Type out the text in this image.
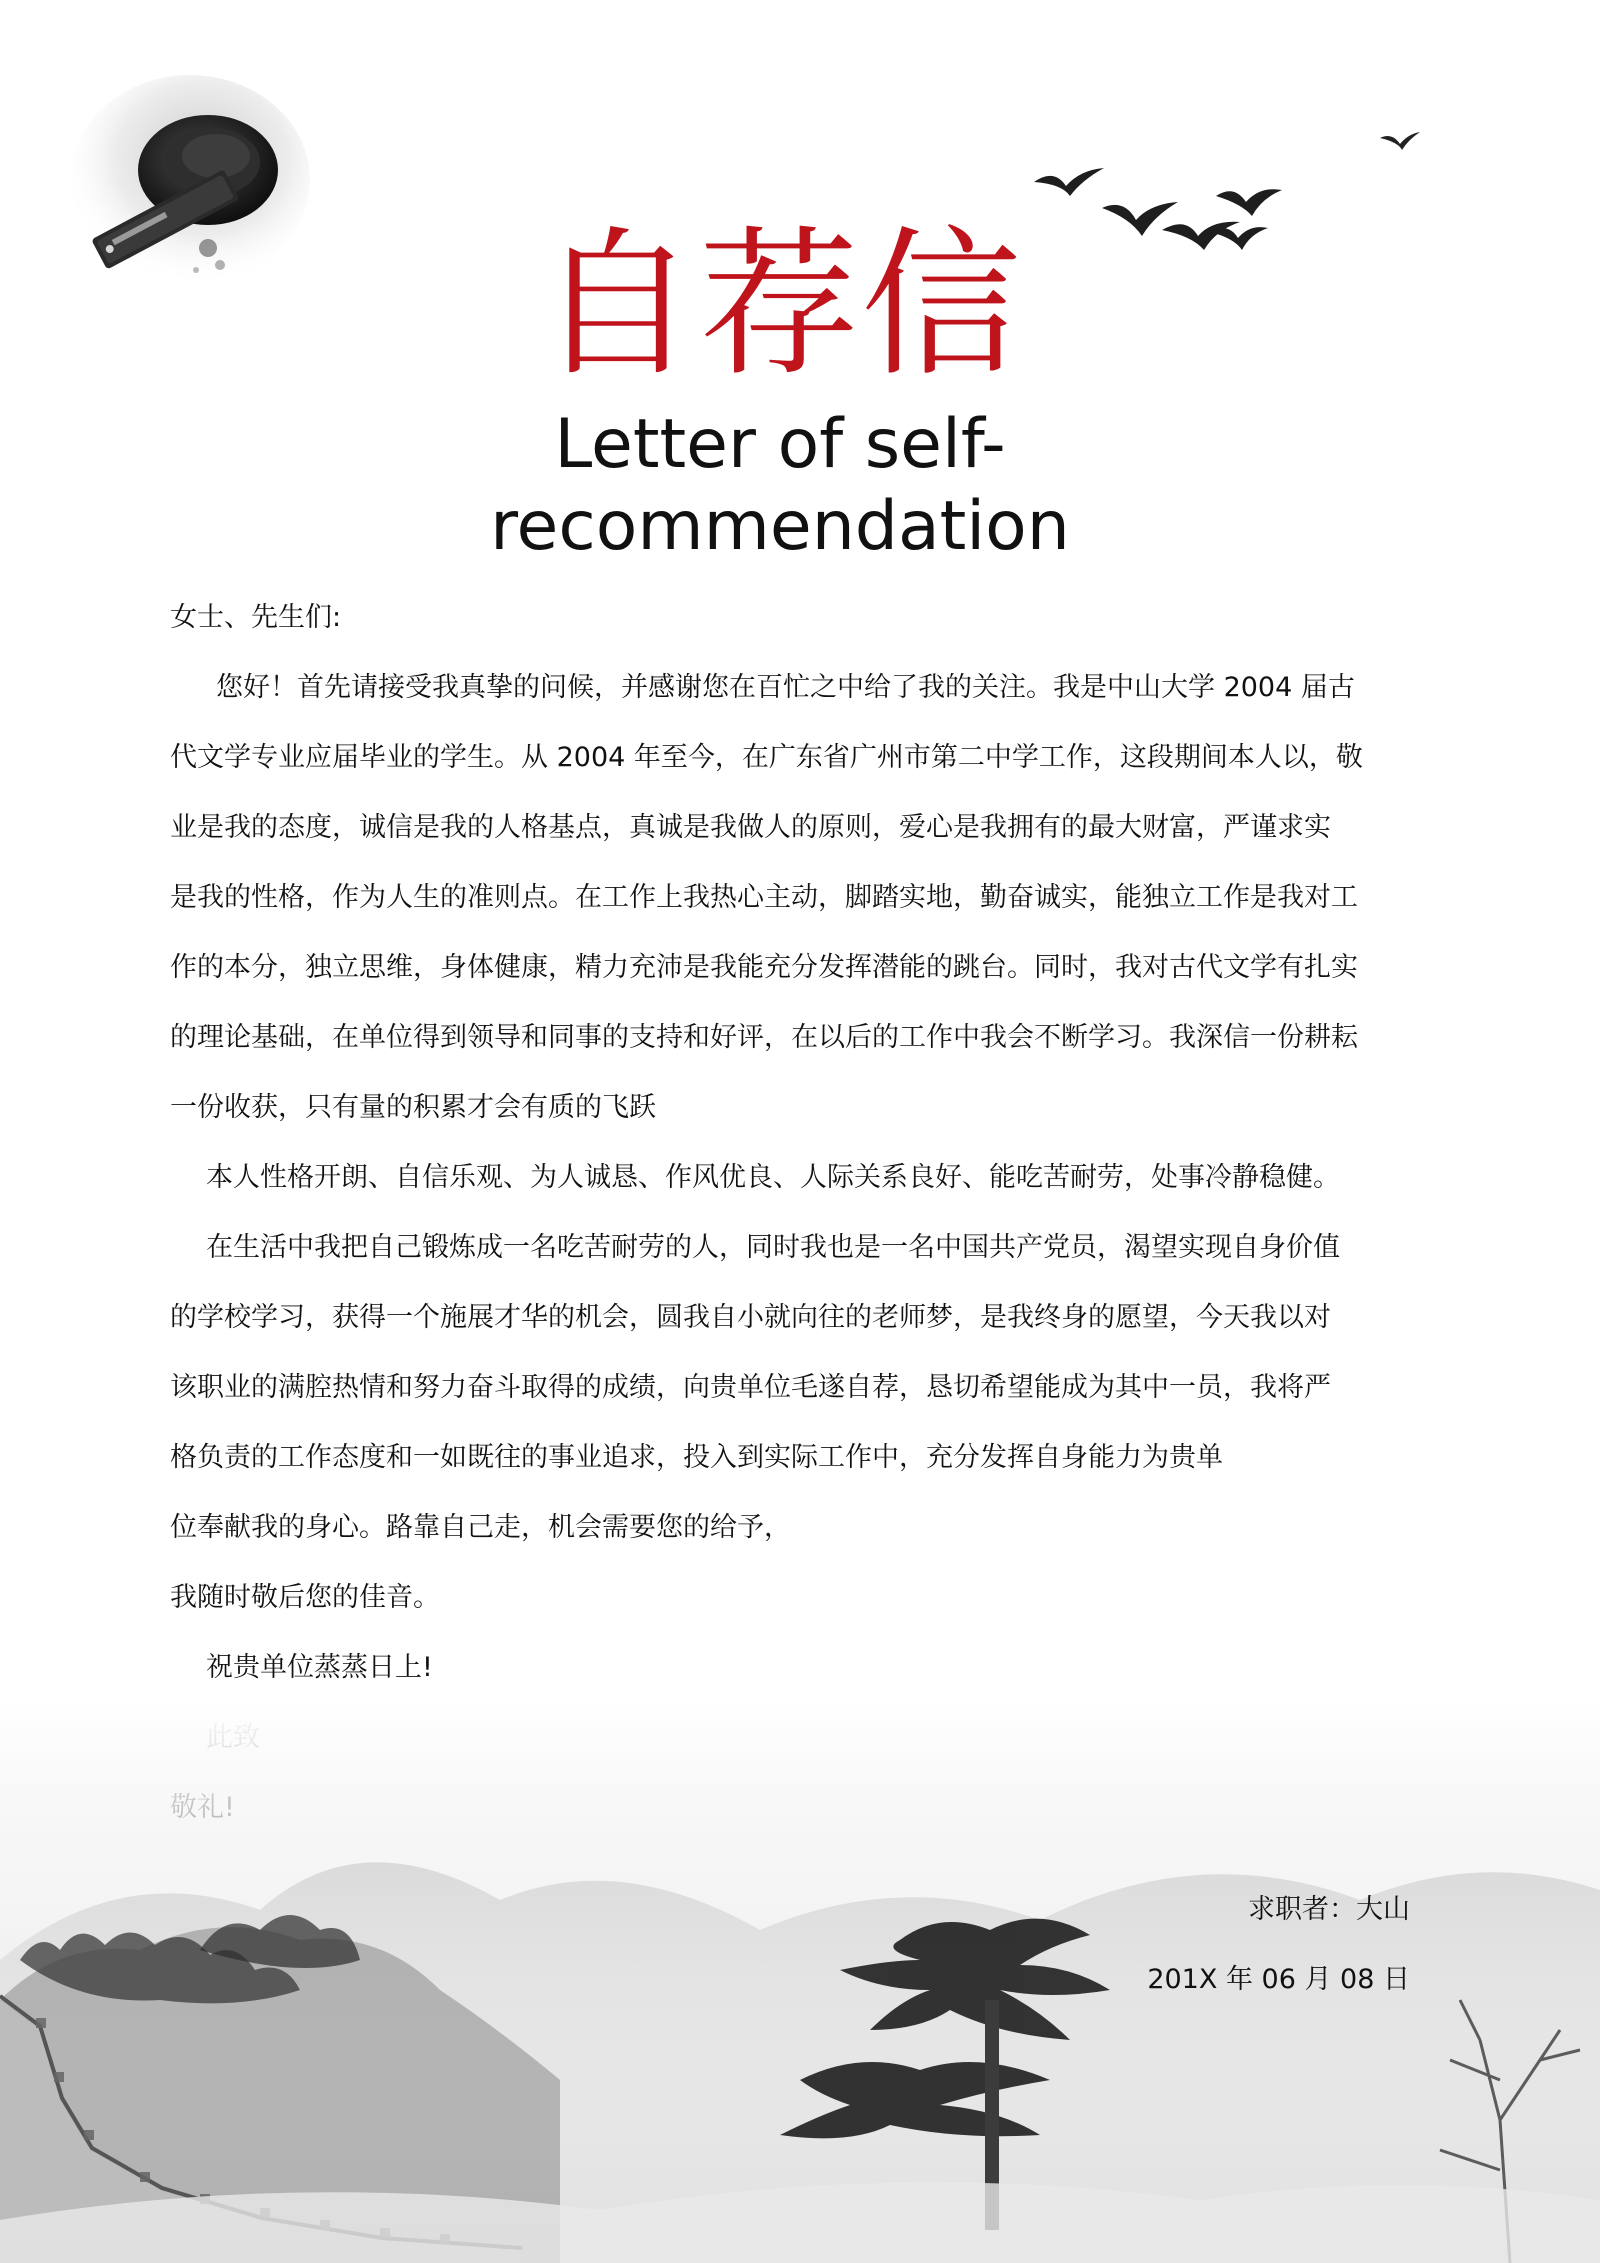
自荐信
Letter of self-
recommendation

女士、先生们:

您好！首先请接受我真挚的问候，并感谢您在百忙之中给了我的关注。我是中山大学 2004 届古

代文学专业应届毕业的学生。从 2004 年至今，在广东省广州市第二中学工作，这段期间本人以，敬

业是我的态度，诚信是我的人格基点，真诚是我做人的原则，爱心是我拥有的最大财富，严谨求实

是我的性格，作为人生的准则点。在工作上我热心主动，脚踏实地，勤奋诚实，能独立工作是我对工

作的本分，独立思维，身体健康，精力充沛是我能充分发挥潜能的跳台。同时，我对古代文学有扎实

的理论基础，在单位得到领导和同事的支持和好评，在以后的工作中我会不断学习。我深信一份耕耘

一份收获，只有量的积累才会有质的飞跃

本人性格开朗、自信乐观、为人诚恳、作风优良、人际关系良好、能吃苦耐劳，处事冷静稳健。

在生活中我把自己锻炼成一名吃苦耐劳的人，同时我也是一名中国共产党员，渴望实现自身价值

的学校学习，获得一个施展才华的机会，圆我自小就向往的老师梦，是我终身的愿望，今天我以对

该职业的满腔热情和努力奋斗取得的成绩，向贵单位毛遂自荐，恳切希望能成为其中一员，我将严

格负责的工作态度和一如既往的事业追求，投入到实际工作中，充分发挥自身能力为贵单

位奉献我的身心。路靠自己走，机会需要您的给予，

我随时敬后您的佳音。

祝贵单位蒸蒸日上!

求职者：大山

201X 年 06 月 08 日
